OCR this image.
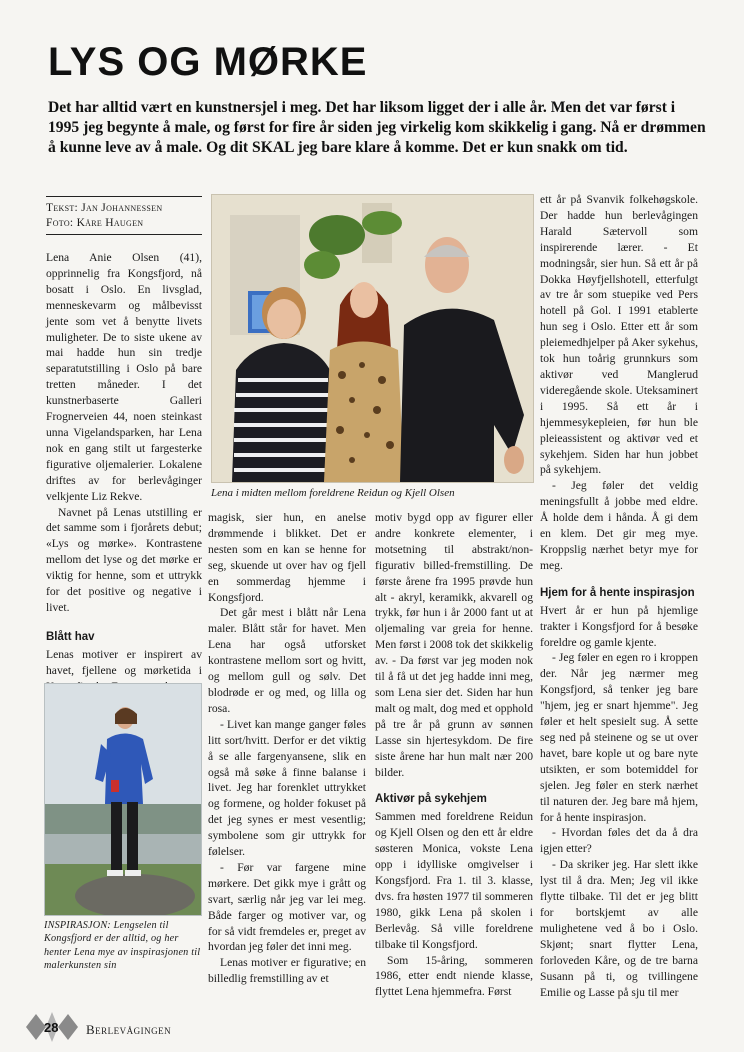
LYS OG MØRKE
Det har alltid vært en kunstnersjel i meg. Det har liksom ligget der i alle år. Men det var først i 1995 jeg begynte å male, og først for fire år siden jeg virkelig kom skikkelig i gang. Nå er drømmen å kunne leve av å male. Og dit SKAL jeg bare klare å komme. Det er kun snakk om tid.
Tekst: Jan Johannessen
Foto: Kåre Haugen

Lena Anie Olsen (41), opprinnelig fra Kongsfjord, nå bosatt i Oslo. En livsglad, menneskevarm og målbevisst jente som vet å benytte livets muligheter. De to siste ukene av mai hadde hun sin tredje separatutstilling i Oslo på bare tretten måneder. I det kunstnerbaserte Galleri Frognerveien 44, noen steinkast unna Vigelandsparken, har Lena nok en gang stilt ut fargesterke figurative oljemalerier. Lokalene driftes av for berlevåginger velkjente Liz Rekve.

Navnet på Lenas utstilling er det samme som i fjorårets debut; «Lys og mørke». Kontrastene mellom det lyse og det mørke er viktig for henne, som et uttrykk for det positive og negative i livet.

Blått hav

Lenas motiver er inspirert av havet, fjellene og mørketida i

Lena i midten mellom foreldrene Reidun og Kjell Olsen

magisk, sier hun, en anelse drømmende i blikket. Det er nesten som en kan se henne for seg, skuende ut over hav og fjell en sommerdag hjemme i Kongsfjord.

Det går mest i blått når Lena maler. Blått står for havet. Men Lena har også utforsket kontrastene mellom sort og hvitt, og mellom gull og sølv. Det blodrøde er og med, og lilla og rosa.

- Livet kan mange ganger føles litt sort/hvitt. Derfor er det viktig å se alle fargenyansene, slik en også må søke å finne balanse i livet. Jeg har forenklet uttrykket og formene, og holder fokuset på det jeg synes er mest vesentlig; symbolene som gir uttrykk for følelser.

- Før var fargene mine mørkere. Det gikk mye i grått og svart, særlig når jeg var lei meg. Både farger og motiver var, og for så vidt fremdeles er, preget av hvordan jeg føler det inni meg.

Lenas motiver er figurative; en billedlig fremstilling av et

motiv bygd opp av figurer eller andre konkrete elementer, i motsetning til abstrakt/non-figurativ billed-fremstilling. De første årene fra 1995 prøvde hun alt - akryl, keramikk, akvarell og trykk, før hun i år 2000 fant ut at oljemaling var greia for henne. Men først i 2008 tok det skikkelig av. - Da først var jeg moden nok til å få ut det jeg hadde inni meg, som Lena sier det. Siden har hun malt og malt, dog med et opphold på tre år på grunn av sønnen Lasse sin hjertesykdom. De fire siste årene har hun malt nær 200 bilder.

Aktivør på sykehjem

Sammen med foreldrene Reidun og Kjell Olsen og den ett år eldre søsteren Monica, vokste Lena opp i idylliske omgivelser i Kongsfjord. Fra 1. til 3. klasse, dvs. fra høsten 1977 til sommeren 1980, gikk Lena på skolen i Berlevåg. Så ville foreldrene tilbake til Kongsfjord.

Som 15-åring, sommeren 1986, etter endt niende klasse, flyttet Lena hjemmefra. Først

ett år på Svanvik folkehøgskole. Der hadde hun berlevågingen Harald Sætervoll som inspirerende lærer. - Et modningsår, sier hun. Så ett år på Dokka Høyfjellshotell, etterfulgt av tre år som stuepike ved Pers hotell på Gol. I 1991 etablerte hun seg i Oslo. Etter ett år som pleiemedhjelper på Aker sykehus, tok hun toårig grunnkurs som aktivør ved Manglerud videregående skole. Uteksaminert i 1995. Så ett år i hjemmesykepleien, før hun ble pleieassistent og aktivør ved et sykehjem. Siden har hun jobbet på sykehjem.

- Jeg føler det veldig meningsfullt å jobbe med eldre. Å holde dem i hånda. Å gi dem en klem. Det gir meg mye. Kroppslig nærhet betyr mye for meg.

Hjem for å hente inspirasjon

Hvert år er hun på hjemlige trakter i Kongsfjord for å besøke foreldre og gamle kjente.

- Jeg føler en egen ro i kroppen der. Når jeg nærmer meg Kongsfjord, så tenker jeg bare "hjem, jeg er snart hjemme". Jeg føler et helt spesielt sug. Å sette seg ned på steinene og se ut over havet, bare kople ut og bare nyte utsikten, er som botemiddel for sjelen. Jeg føler en sterk nærhet til naturen der. Jeg bare må hjem, for å hente inspirasjon.

- Hvordan føles det da å dra igjen etter?

- Da skriker jeg. Har slett ikke lyst til å dra. Men; Jeg vil ikke flytte tilbake. Til det er jeg blitt for bortskjemt av alle mulighetene ved å bo i Oslo. Skjønt; snart flytter Lena, forloveden Kåre, og de tre barna Susann på ti, og tvillingene Emilie og Lasse på sju til mer

INSPIRASJON: Lengselen til Kongsfjord er der alltid, og her henter Lena mye av inspirasjonen til malerkunsten sin
28 Berlevågingen
